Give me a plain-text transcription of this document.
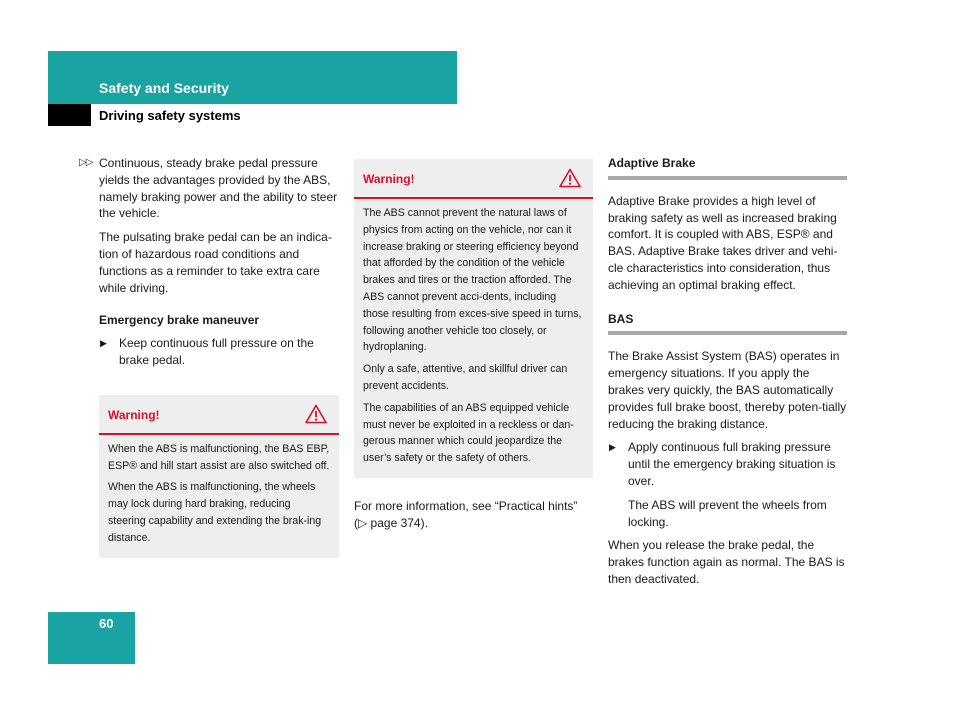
Safety and Security
Driving safety systems
▷▷ Continuous, steady brake pedal pressure yields the advantages provided by the ABS, namely braking power and the ability to steer the vehicle.

The pulsating brake pedal can be an indica-tion of hazardous road conditions and functions as a reminder to take extra care while driving.

Emergency brake maneuver
▶ Keep continuous full pressure on the brake pedal.
Warning!

When the ABS is malfunctioning, the BAS EBP, ESP® and hill start assist are also switched off.

When the ABS is malfunctioning, the wheels may lock during hard braking, reducing steering capability and extending the brak-ing distance.

Warning!

The ABS cannot prevent the natural laws of physics from acting on the vehicle, nor can it increase braking or steering efficiency beyond that afforded by the condition of the vehicle brakes and tires or the traction afforded. The ABS cannot prevent acci-dents, including those resulting from exces-sive speed in turns, following another vehicle too closely, or hydroplaning.

Only a safe, attentive, and skillful driver can prevent accidents.

The capabilities of an ABS equipped vehicle must never be exploited in a reckless or dan-gerous manner which could jeopardize the user’s safety or the safety of others.

For more information, see “Practical hints” (▷ page 374).

Adaptive Brake

Adaptive Brake provides a high level of braking safety as well as increased braking comfort. It is coupled with ABS, ESP® and BAS. Adaptive Brake takes driver and vehi-cle characteristics into consideration, thus achieving an optimal braking effect.

BAS

The Brake Assist System (BAS) operates in emergency situations. If you apply the brakes very quickly, the BAS automatically provides full brake boost, thereby poten-tially reducing the braking distance.

▶ Apply continuous full braking pressure until the emergency braking situation is over.

The ABS will prevent the wheels from locking.

When you release the brake pedal, the brakes function again as normal. The BAS is then deactivated.

60
